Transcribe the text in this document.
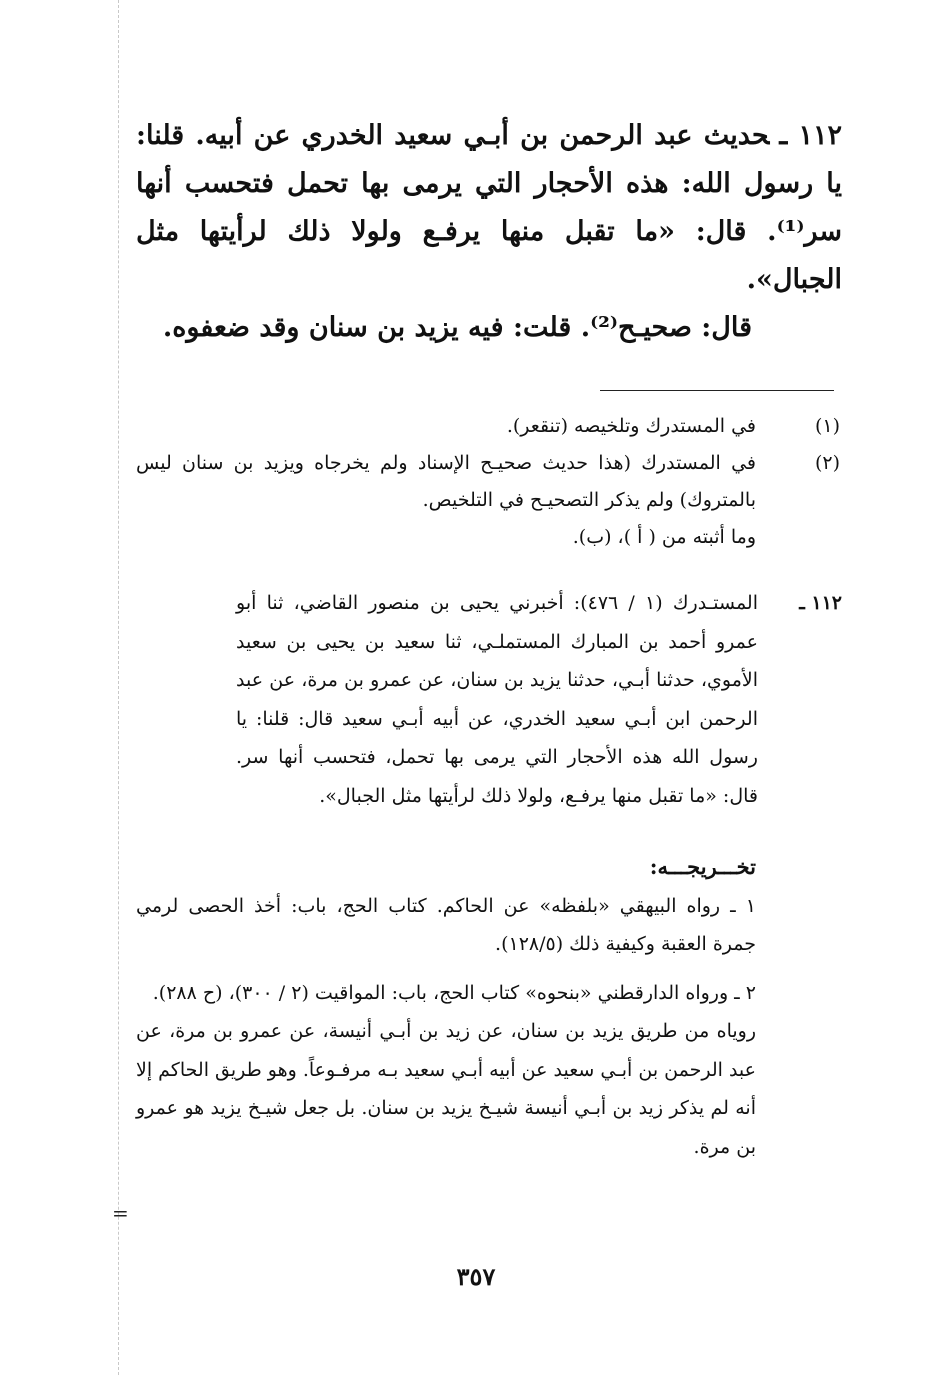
=

١١٢ ـحديث عبد الرحمن بن أبـي سعيد الخدري عن أبيه. قلنا: يا رسول الله: هذه الأحجار التي يرمى بها تحمل فتحسب أنها سر⁽¹⁾. قال: «ما تقبل منها يرفـع ولولا ذلك لرأيتها مثل الجبال».

قال: صحيـح⁽²⁾. قلت: فيه يزيد بن سنان وقد ضعفوه.

(١)
في المستدرك وتلخيصه (تنقعر).
(٢)
في المستدرك (هذا حديث صحيـح الإسناد ولم يخرجاه ويزيد بن سنان ليس بالمتروك) ولم يذكر التصحيـح في التلخيص.
وما أثبته من ( أ )، (ب).
١١٢ ـ
المستـدرك (١ / ٤٧٦): أخبرني يحيى بن منصور القاضي، ثنا أبو عمرو أحمد بن المبارك المستملـي، ثنا سعيد بن يحيى بن سعيد الأموي، حدثنا أبـي، حدثنا يزيد بن سنان، عن عمرو بن مرة، عن عبد الرحمن ابن أبـي سعيد الخدري، عن أبيه أبـي سعيد قال: قلنا: يا رسول الله هذه الأحجار التي يرمى بها تحمل، فتحسب أنها سر. قال: «ما تقبل منها يرفـع، ولولا ذلك لرأيتها مثل الجبال».

تخـــريجـــه:

١ ـ رواه البيهقي «بلفظه» عن الحاكم. كتاب الحج، باب: أخذ الحصى لرمي جمرة العقبة وكيفية ذلك (١٢٨/٥).

٢ ـ ورواه الدارقطني «بنحوه» كتاب الحج، باب: المواقيت (٢ / ٣٠٠)، (ح ٢٨٨).

روياه من طريق يزيد بن سنان، عن زيد بن أبـي أنيسة، عن عمرو بن مرة، عن عبد الرحمن بن أبـي سعيد عن أبيه أبـي سعيد بـه مرفـوعاً. وهو طريق الحاكم إلا أنه لم يذكر زيد بن أبـي أنيسة شيـخ يزيد بن سنان. بل جعل شيـخ يزيد هو عمرو بن مرة.

٣٥٧
